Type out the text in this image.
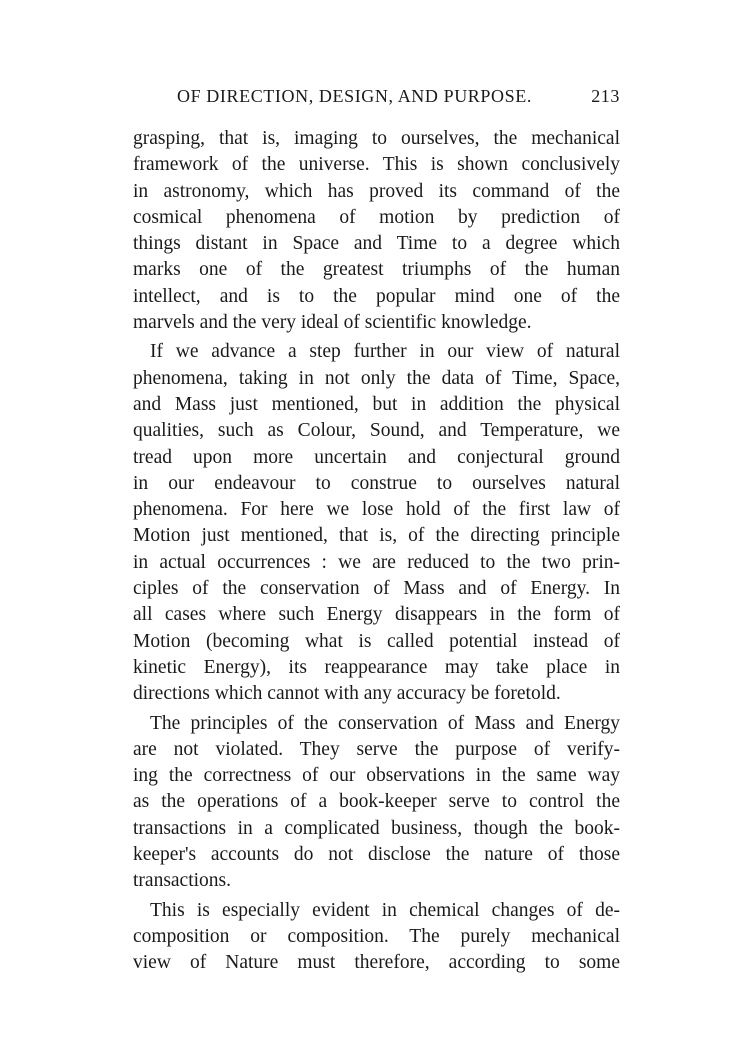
OF DIRECTION, DESIGN, AND PURPOSE.	213

grasping, that is, imaging to ourselves, the mechanical
framework of the universe. This is shown conclusively
in astronomy, which has proved its command of the
cosmical phenomena of motion by prediction of
things distant in Space and Time to a degree which
marks one of the greatest triumphs of the human
intellect, and is to the popular mind one of the
marvels and the very ideal of scientific knowledge.

If we advance a step further in our view of natural
phenomena, taking in not only the data of Time, Space,
and Mass just mentioned, but in addition the physical
qualities, such as Colour, Sound, and Temperature, we
tread upon more uncertain and conjectural ground
in our endeavour to construe to ourselves natural
phenomena. For here we lose hold of the first law of
Motion just mentioned, that is, of the directing principle
in actual occurrences : we are reduced to the two prin-
ciples of the conservation of Mass and of Energy. In
all cases where such Energy disappears in the form of
Motion (becoming what is called potential instead of
kinetic Energy), its reappearance may take place in
directions which cannot with any accuracy be foretold.

The principles of the conservation of Mass and Energy
are not violated. They serve the purpose of verify-
ing the correctness of our observations in the same way
as the operations of a book-keeper serve to control the
transactions in a complicated business, though the book-
keeper's accounts do not disclose the nature of those
transactions.

This is especially evident in chemical changes of de-
composition or composition. The purely mechanical
view of Nature must therefore, according to some
